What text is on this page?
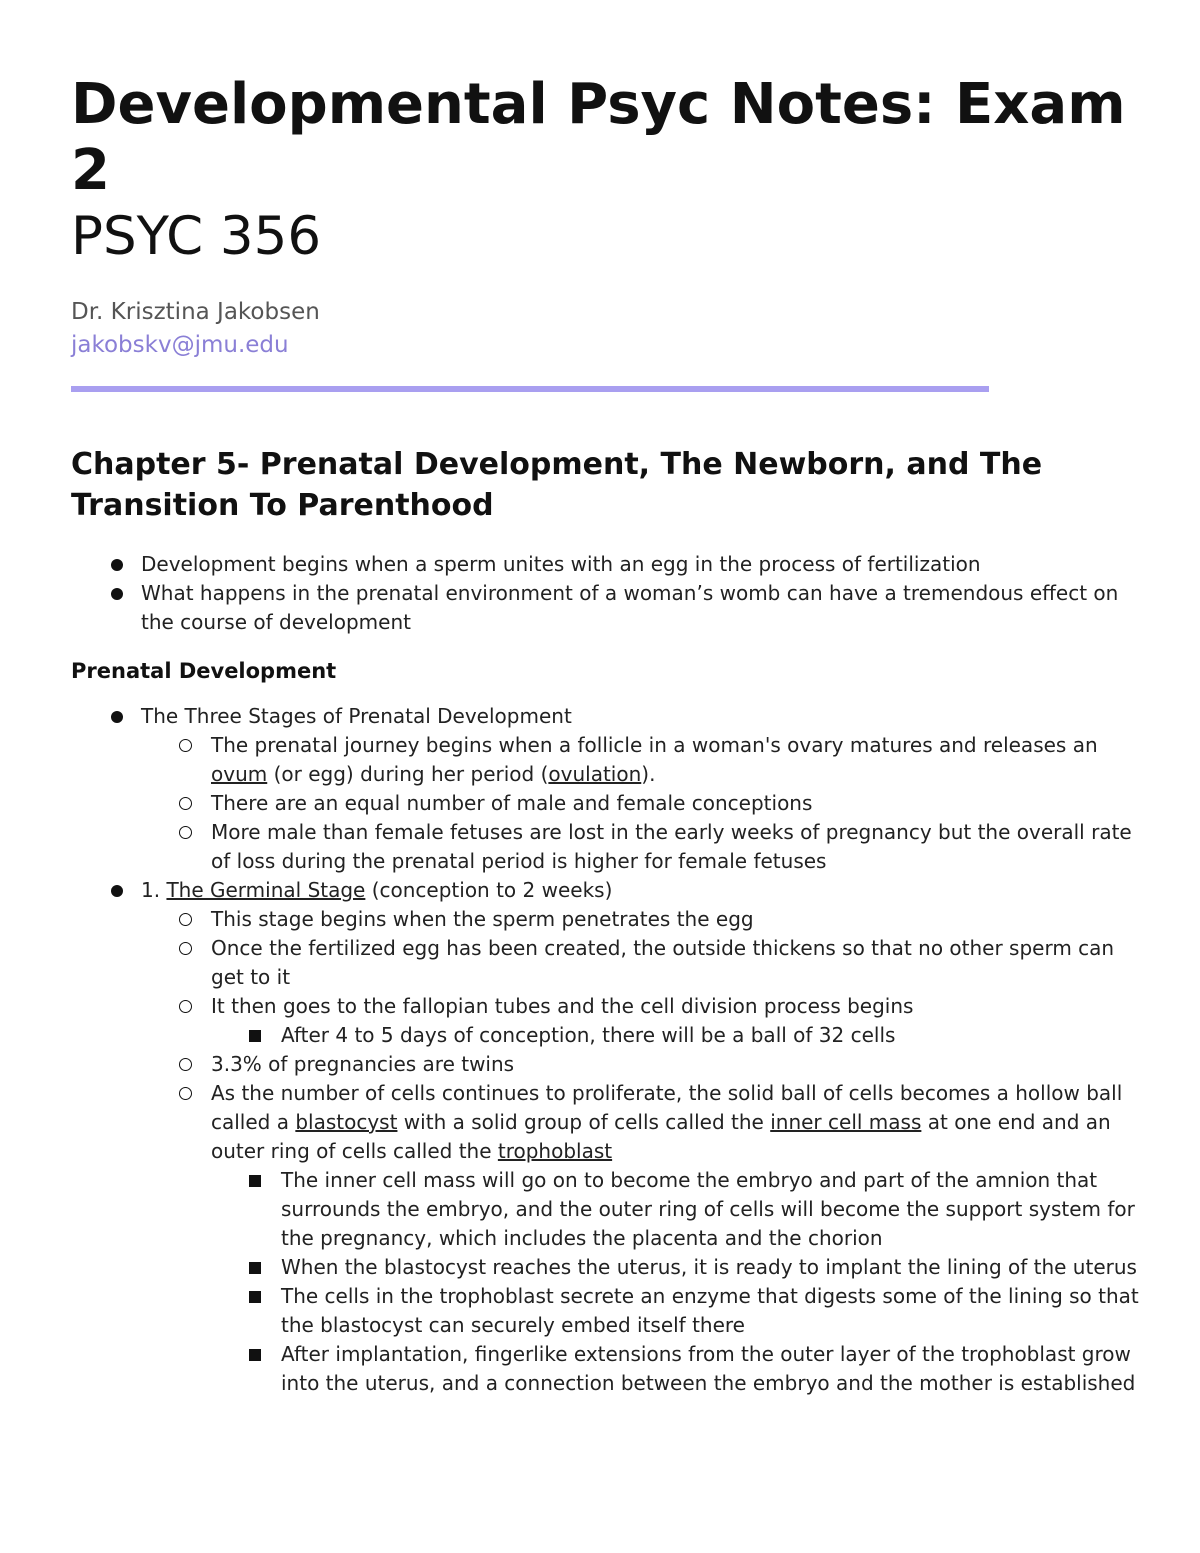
Developmental Psyc Notes: Exam 2
PSYC 356
Dr. Krisztina Jakobsen
jakobskv@jmu.edu
Chapter 5- Prenatal Development, The Newborn, and The Transition To Parenthood
Development begins when a sperm unites with an egg in the process of fertilization
What happens in the prenatal environment of a woman’s womb can have a tremendous effect on the course of development
Prenatal Development
The Three Stages of Prenatal Development
The prenatal journey begins when a follicle in a woman's ovary matures and releases an ovum (or egg) during her period (ovulation).
There are an equal number of male and female conceptions
More male than female fetuses are lost in the early weeks of pregnancy but the overall rate of loss during the prenatal period is higher for female fetuses
1. The Germinal Stage (conception to 2 weeks)
This stage begins when the sperm penetrates the egg
Once the fertilized egg has been created, the outside thickens so that no other sperm can get to it
It then goes to the fallopian tubes and the cell division process begins
After 4 to 5 days of conception, there will be a ball of 32 cells
3.3% of pregnancies are twins
As the number of cells continues to proliferate, the solid ball of cells becomes a hollow ball called a blastocyst with a solid group of cells called the inner cell mass at one end and an outer ring of cells called the trophoblast
The inner cell mass will go on to become the embryo and part of the amnion that surrounds the embryo, and the outer ring of cells will become the support system for the pregnancy, which includes the placenta and the chorion
When the blastocyst reaches the uterus, it is ready to implant the lining of the uterus
The cells in the trophoblast secrete an enzyme that digests some of the lining so that the blastocyst can securely embed itself there
After implantation, fingerlike extensions from the outer layer of the trophoblast grow into the uterus, and a connection between the embryo and the mother is established
